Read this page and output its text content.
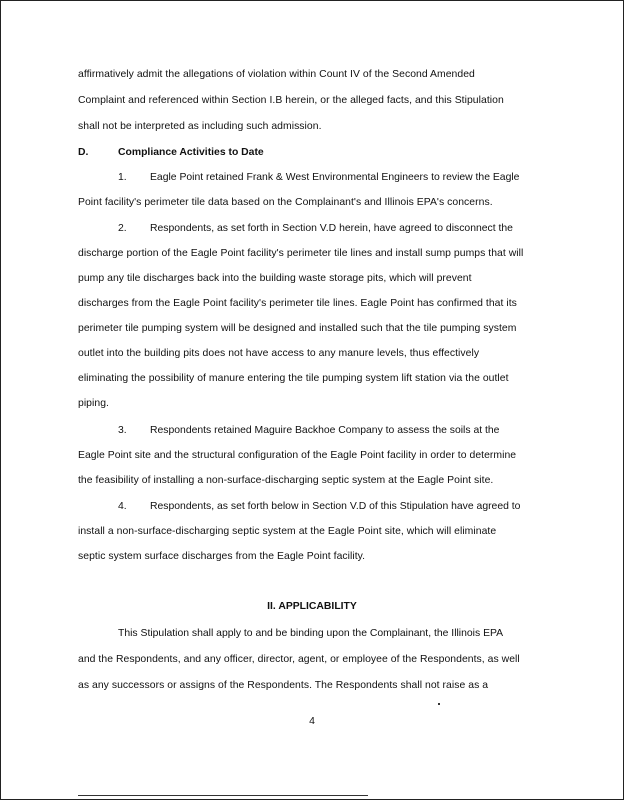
affirmatively admit the allegations of violation within Count IV of the Second Amended
Complaint and referenced within Section I.B herein, or the alleged facts, and this Stipulation
shall not be interpreted as including such admission.
D.	Compliance Activities to Date
1. Eagle Point retained Frank & West Environmental Engineers to review the Eagle
Point facility's perimeter tile data based on the Complainant's and Illinois EPA's concerns.
2. Respondents, as set forth in Section V.D herein, have agreed to disconnect the
discharge portion of the Eagle Point facility's perimeter tile lines and install sump pumps that will
pump any tile discharges back into the building waste storage pits, which will prevent
discharges from the Eagle Point facility's perimeter tile lines. Eagle Point has confirmed that its
perimeter tile pumping system will be designed and installed such that the tile pumping system
outlet into the building pits does not have access to any manure levels, thus effectively
eliminating the possibility of manure entering the tile pumping system lift station via the outlet
piping.
3. Respondents retained Maguire Backhoe Company to assess the soils at the
Eagle Point site and the structural configuration of the Eagle Point facility in order to determine
the feasibility of installing a non-surface-discharging septic system at the Eagle Point site.
4. Respondents, as set forth below in Section V.D of this Stipulation have agreed to
install a non-surface-discharging septic system at the Eagle Point site, which will eliminate
septic system surface discharges from the Eagle Point facility.
II. APPLICABILITY
This Stipulation shall apply to and be binding upon the Complainant, the Illinois EPA
and the Respondents, and any officer, director, agent, or employee of the Respondents, as well
as any successors or assigns of the Respondents. The Respondents shall not raise as a
4
